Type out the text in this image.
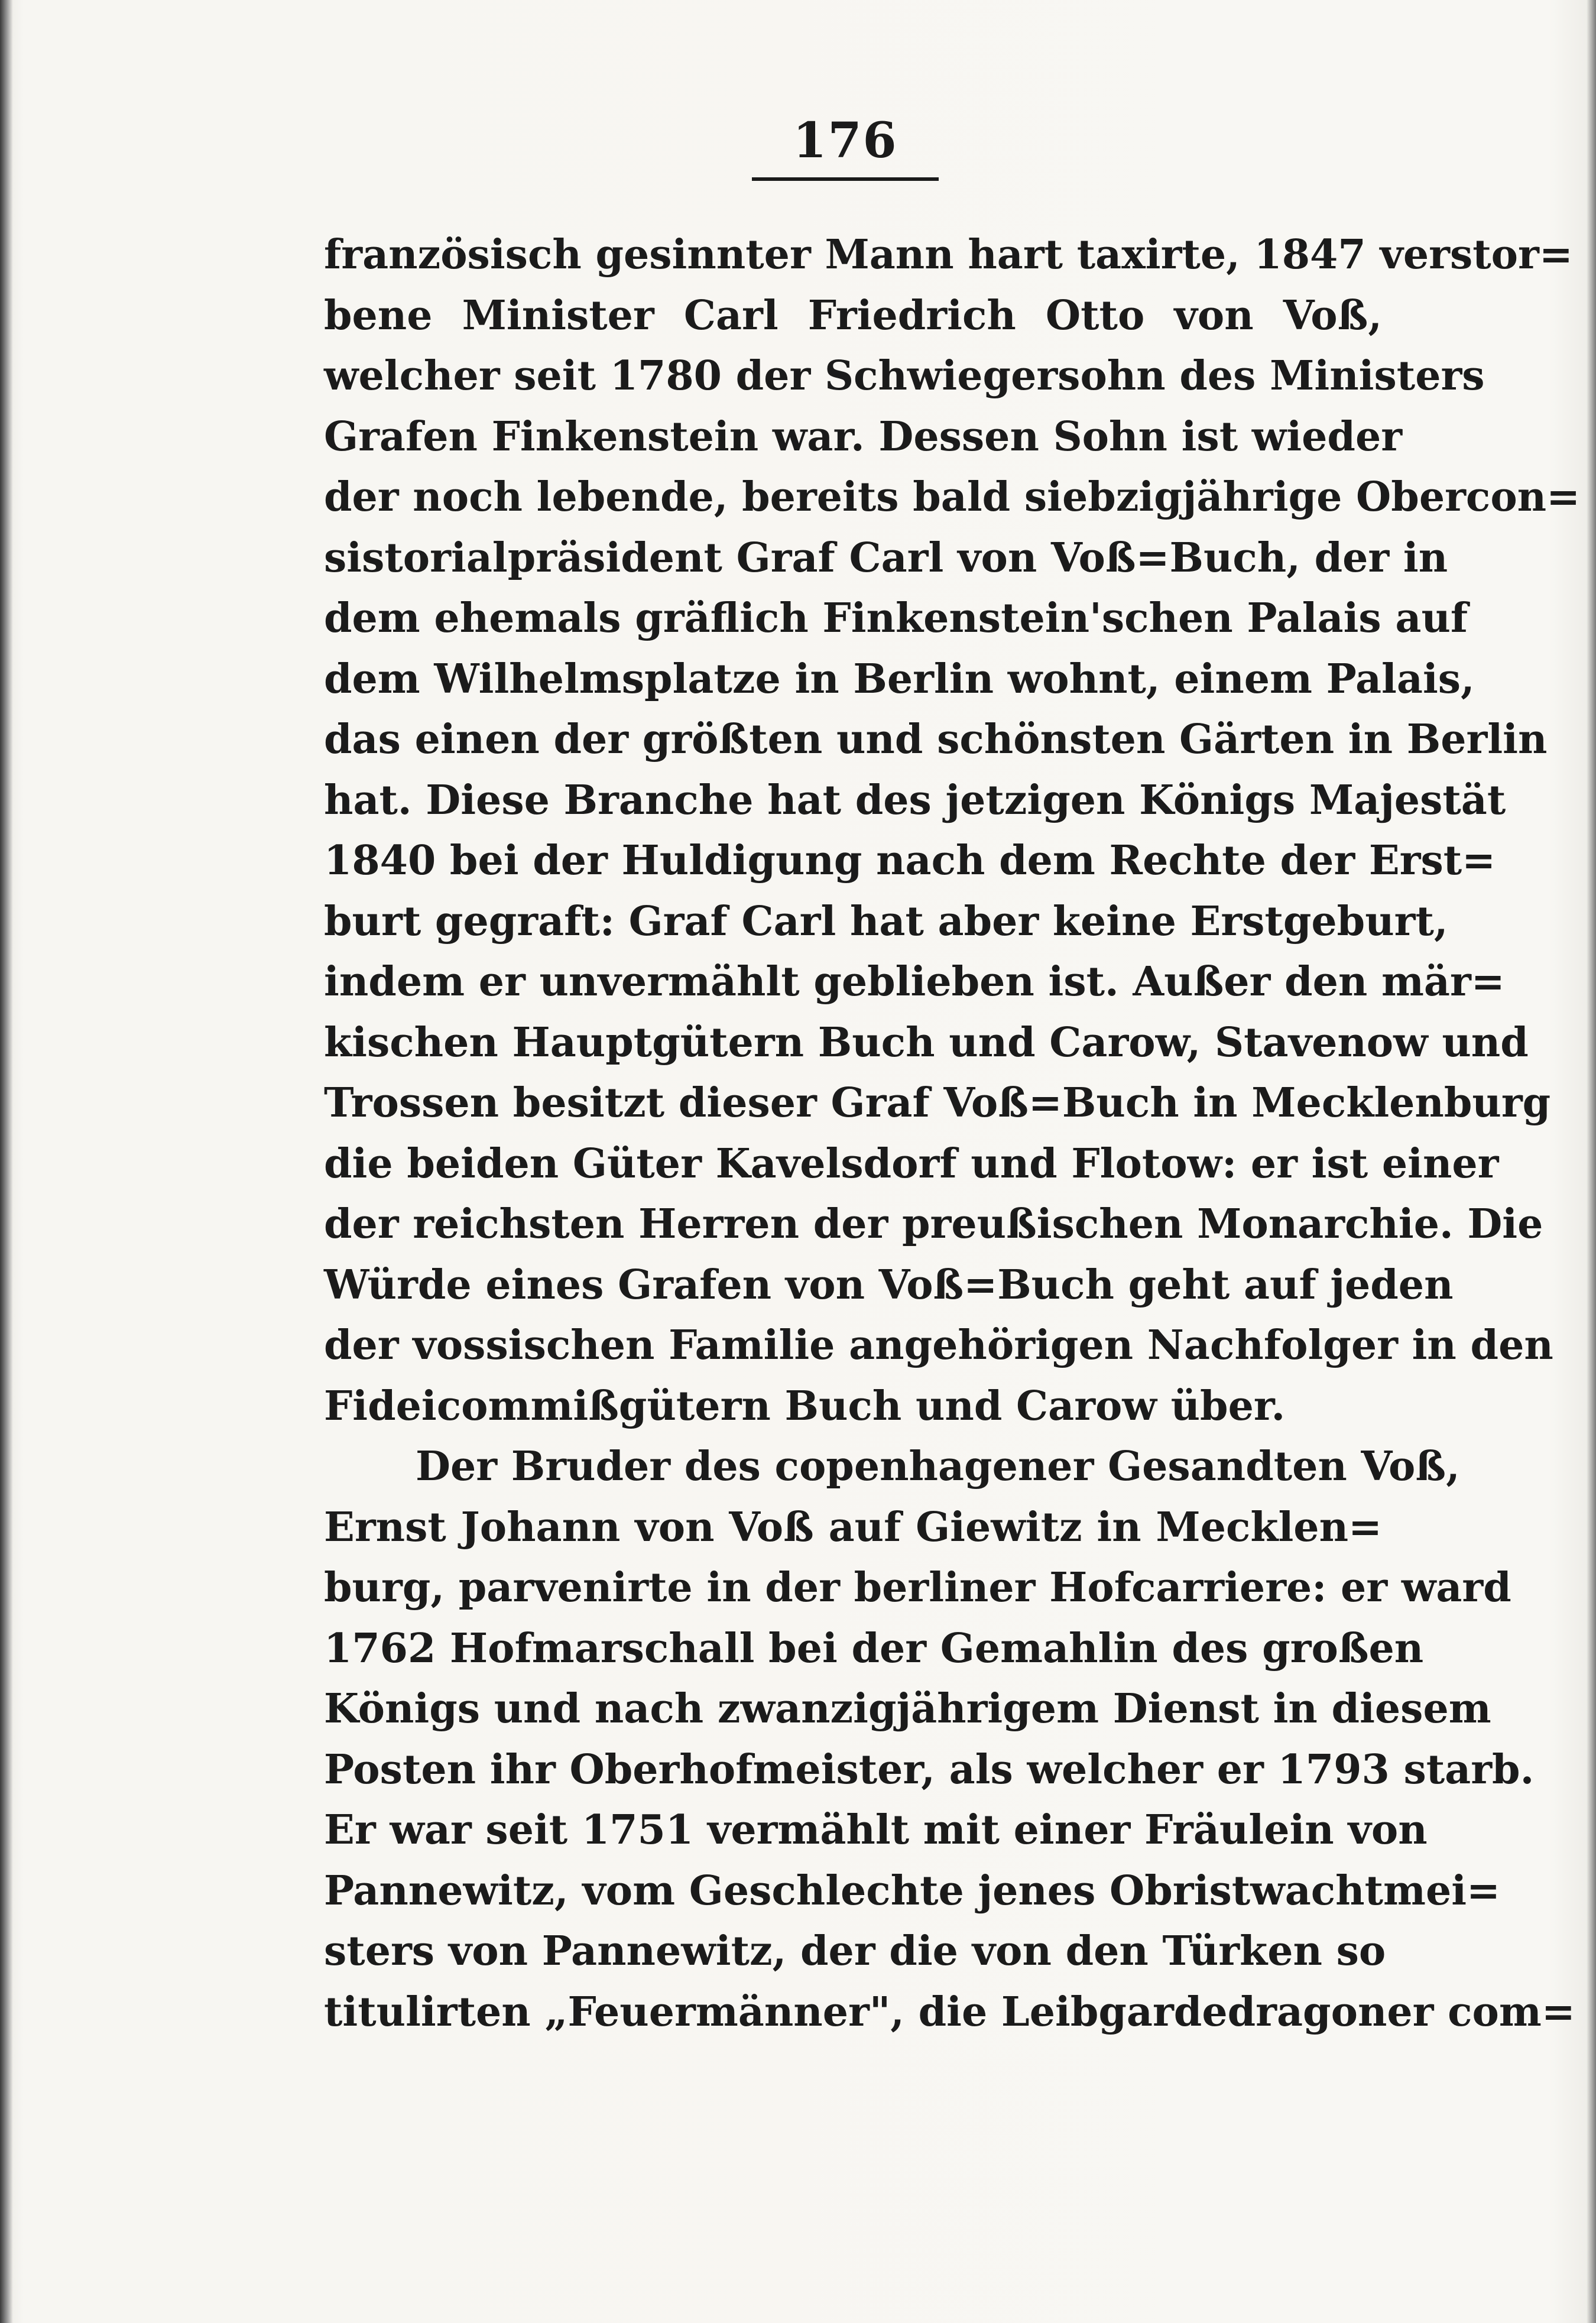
176
französisch gesinnter Mann hart taxirte, 1847 verstor=
bene Minister Carl Friedrich Otto von Voß,
welcher seit 1780 der Schwiegersohn des Ministers
Grafen Finkenstein war. Dessen Sohn ist wieder
der noch lebende, bereits bald siebzigjährige Obercon=
sistorialpräsident Graf Carl von Voß=Buch, der in
dem ehemals gräflich Finkenstein'schen Palais auf
dem Wilhelmsplatze in Berlin wohnt, einem Palais,
das einen der größten und schönsten Gärten in Berlin
hat. Diese Branche hat des jetzigen Königs Majestät
1840 bei der Huldigung nach dem Rechte der Erst=
burt gegraft: Graf Carl hat aber keine Erstgeburt,
indem er unvermählt geblieben ist. Außer den mär=
kischen Hauptgütern Buch und Carow, Stavenow und
Trossen besitzt dieser Graf Voß=Buch in Mecklenburg
die beiden Güter Kavelsdorf und Flotow: er ist einer
der reichsten Herren der preußischen Monarchie. Die
Würde eines Grafen von Voß=Buch geht auf jeden
der vossischen Familie angehörigen Nachfolger in den
Fideicommißgütern Buch und Carow über.
Der Bruder des copenhagener Gesandten Voß,
Ernst Johann von Voß auf Giewitz in Mecklen=
burg, parvenirte in der berliner Hofcarriere: er ward
1762 Hofmarschall bei der Gemahlin des großen
Königs und nach zwanzigjährigem Dienst in diesem
Posten ihr Oberhofmeister, als welcher er 1793 starb.
Er war seit 1751 vermählt mit einer Fräulein von
Pannewitz, vom Geschlechte jenes Obristwachtmei=
sters von Pannewitz, der die von den Türken so
titulirten „Feuermänner", die Leibgardedragoner com=
